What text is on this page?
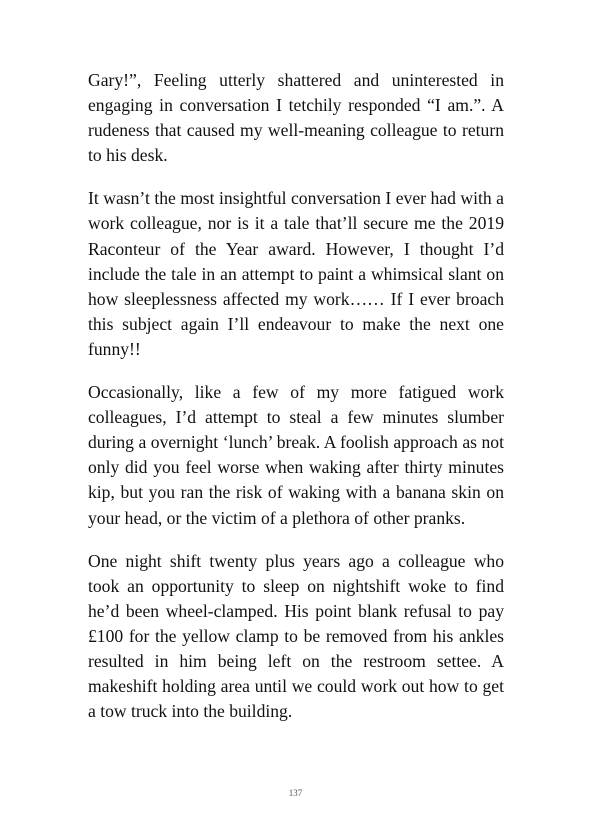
Gary!”, Feeling utterly shattered and uninterested in engaging in conversation I tetchily responded “I am.”. A rudeness that caused my well-meaning colleague to return to his desk.

It wasn’t the most insightful conversation I ever had with a work colleague, nor is it a tale that’ll secure me the 2019 Raconteur of the Year award. However, I thought I’d include the tale in an attempt to paint a whimsical slant on how sleeplessness affected my work…… If I ever broach this subject again I’ll endeavour to make the next one funny!!

Occasionally, like a few of my more fatigued work colleagues, I’d attempt to steal a few minutes slumber during a overnight ‘lunch’ break. A foolish approach as not only did you feel worse when waking after thirty minutes kip, but you ran the risk of waking with a banana skin on your head, or the victim of a plethora of other pranks.

One night shift twenty plus years ago a colleague who took an opportunity to sleep on nightshift woke to find he’d been wheel-clamped. His point blank refusal to pay £100 for the yellow clamp to be removed from his ankles resulted in him being left on the restroom settee. A makeshift holding area until we could work out how to get a tow truck into the building.

137
